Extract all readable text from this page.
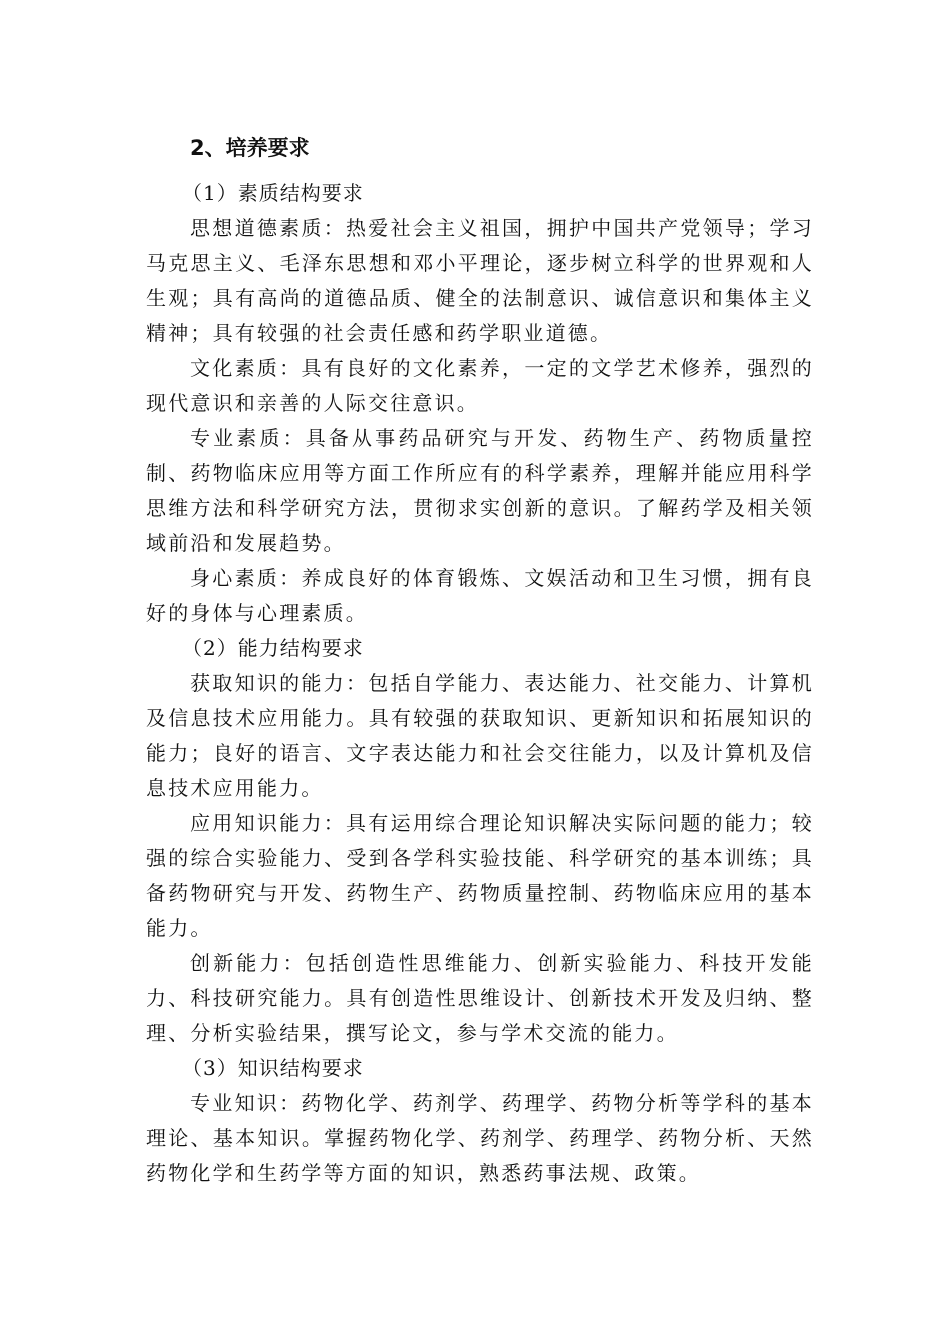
2、培养要求

（1）素质结构要求

思想道德素质：热爱社会主义祖国，拥护中国共产党领导；学习马克思主义、毛泽东思想和邓小平理论，逐步树立科学的世界观和人生观；具有高尚的道德品质、健全的法制意识、诚信意识和集体主义精神；具有较强的社会责任感和药学职业道德。

文化素质：具有良好的文化素养，一定的文学艺术修养，强烈的现代意识和亲善的人际交往意识。

专业素质：具备从事药品研究与开发、药物生产、药物质量控制、药物临床应用等方面工作所应有的科学素养，理解并能应用科学思维方法和科学研究方法，贯彻求实创新的意识。了解药学及相关领域前沿和发展趋势。

身心素质：养成良好的体育锻炼、文娱活动和卫生习惯，拥有良好的身体与心理素质。

（2）能力结构要求

获取知识的能力：包括自学能力、表达能力、社交能力、计算机及信息技术应用能力。具有较强的获取知识、更新知识和拓展知识的能力；良好的语言、文字表达能力和社会交往能力，以及计算机及信息技术应用能力。

应用知识能力：具有运用综合理论知识解决实际问题的能力；较强的综合实验能力、受到各学科实验技能、科学研究的基本训练；具备药物研究与开发、药物生产、药物质量控制、药物临床应用的基本能力。

创新能力：包括创造性思维能力、创新实验能力、科技开发能力、科技研究能力。具有创造性思维设计、创新技术开发及归纳、整理、分析实验结果，撰写论文，参与学术交流的能力。

（3）知识结构要求

专业知识：药物化学、药剂学、药理学、药物分析等学科的基本理论、基本知识。掌握药物化学、药剂学、药理学、药物分析、天然药物化学和生药学等方面的知识，熟悉药事法规、政策。
